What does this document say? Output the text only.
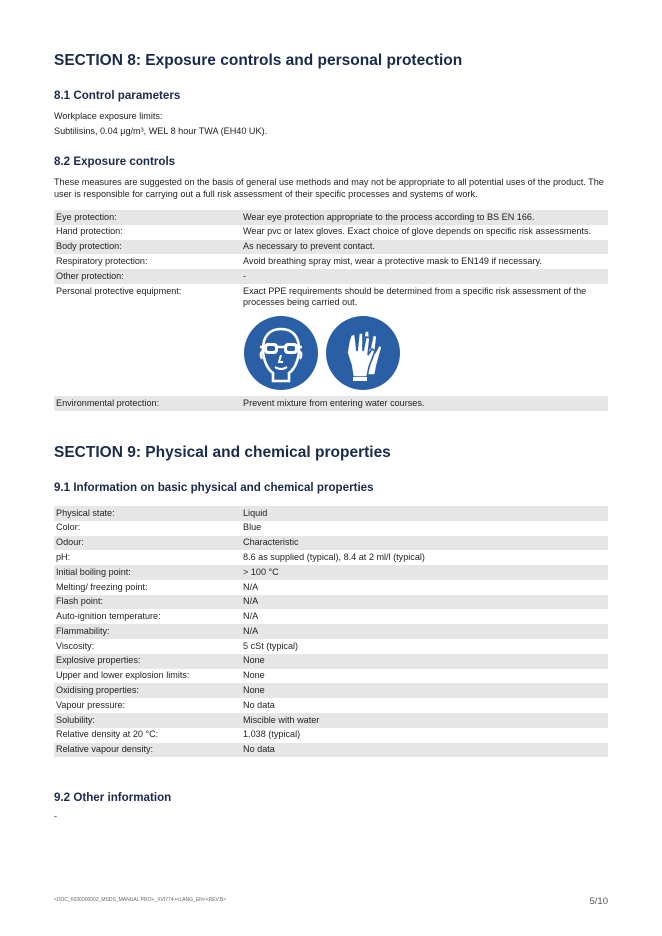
SECTION 8: Exposure controls and personal protection
8.1 Control parameters
Workplace exposure limits:
Subtilisins, 0.04 µg/m³, WEL 8 hour TWA (EH40 UK).
8.2 Exposure controls
These measures are suggested on the basis of general use methods and may not be appropriate to all potential uses of the product. The user is responsible for carrying out a full risk assessment of their specific processes and systems of work.
Eye protection:	Wear eye protection appropriate to the process according to BS EN 166.
Hand protection:	Wear pvc or latex gloves. Exact choice of glove depends on specific risk assessments.
Body protection:	As necessary to prevent contact.
Respiratory protection:	Avoid breathing spray mist, wear a protective mask to EN149 if necessary.
Other protection:	-
Personal protective equipment:	Exact PPE requirements should be determined from a specific risk assessment of the processes being carried out.

Environmental protection:	Prevent mixture from entering water courses.
SECTION 9: Physical and chemical properties
9.1 Information on basic physical and chemical properties
Physical state:	Liquid
Color:	Blue
Odour:	Characteristic
pH:	8.6 as supplied (typical), 8.4 at 2 ml/l (typical)
Initial boiling point:	> 100 °C
Melting/ freezing point:	N/A
Flash point:	N/A
Auto-ignition temperature:	N/A
Flammability:	N/A
Viscosity:	5 cSt (typical)
Explosive properties:	None
Upper and lower explosion limits:	None
Oxidising properties:	None
Vapour pressure:	No data
Solubility:	Miscible with water
Relative density at 20 °C:	1.038 (typical)
Relative vapour density:	No data
9.2 Other information
-
<DOC_6036000002_MSDS_MANUAL PRO+_XVI774><LANG_EN><REV.B>	5/10
